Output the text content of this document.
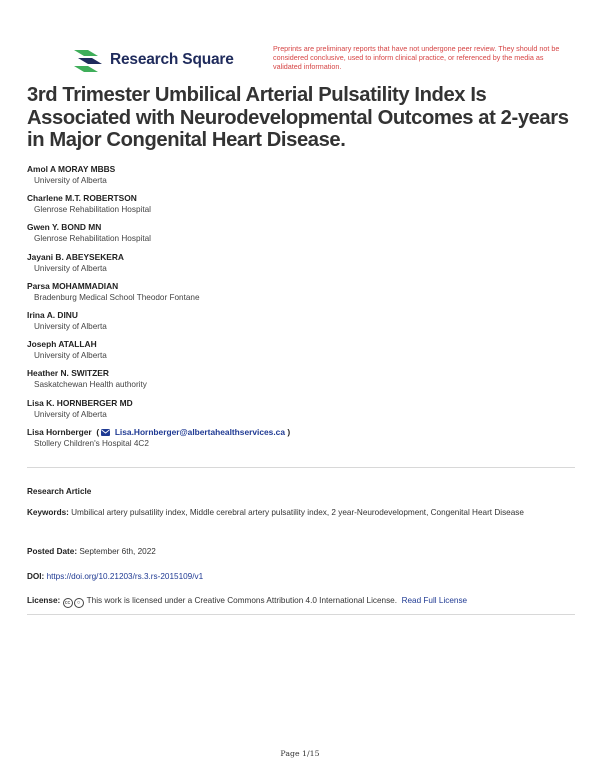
Research Square
Preprints are preliminary reports that have not undergone peer review. They should not be considered conclusive, used to inform clinical practice, or referenced by the media as validated information.
3rd Trimester Umbilical Arterial Pulsatility Index Is Associated with Neurodevelopmental Outcomes at 2-years in Major Congenital Heart Disease.
Amol A MORAY MBBS
University of Alberta
Charlene M.T. ROBERTSON
Glenrose Rehabilitation Hospital
Gwen Y. BOND MN
Glenrose Rehabilitation Hospital
Jayani B. ABEYSEKERA
University of Alberta
Parsa MOHAMMADIAN
Bradenburg Medical School Theodor Fontane
Irina A. DINU
University of Alberta
Joseph ATALLAH
University of Alberta
Heather N. SWITZER
Saskatchewan Health authority
Lisa K. HORNBERGER MD
University of Alberta
Lisa Hornberger  ( Lisa.Hornberger@albertahealthservices.ca )
Stollery Children's Hospital 4C2
Research Article
Keywords: Umbilical artery pulsatility index, Middle cerebral artery pulsatility index, 2 year-Neurodevelopment, Congenital Heart Disease
Posted Date: September 6th, 2022
DOI: https://doi.org/10.21203/rs.3.rs-2015109/v1
License: cc ○ This work is licensed under a Creative Commons Attribution 4.0 International License. Read Full License
Page 1/15
